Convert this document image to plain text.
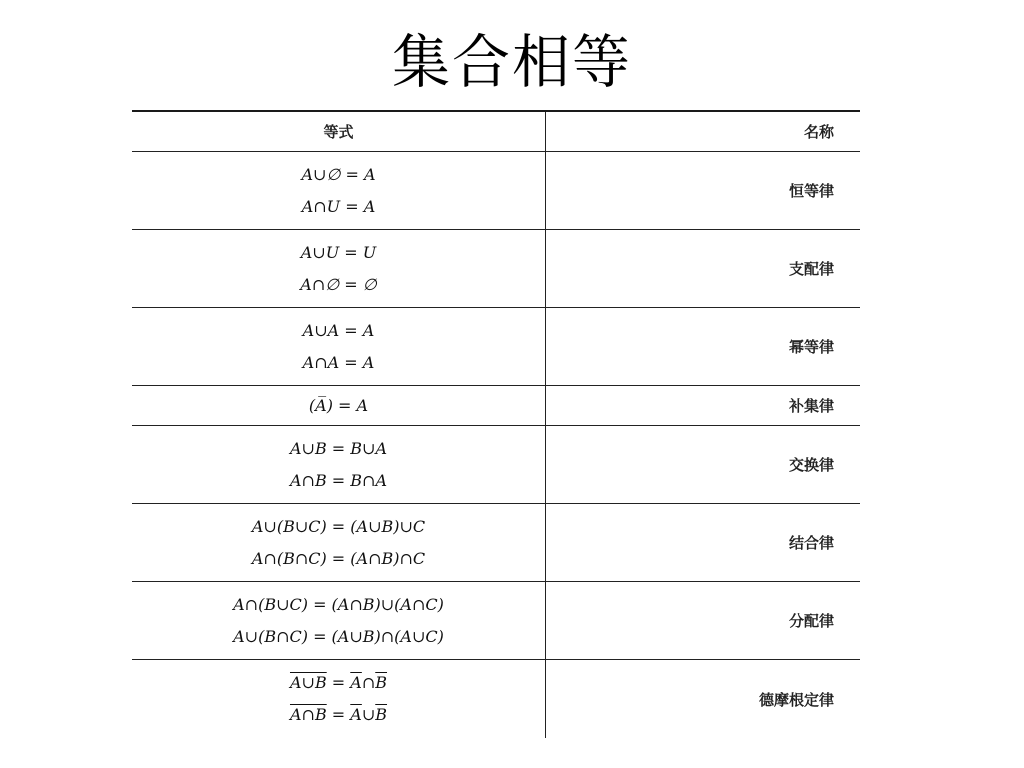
集合相等
等式	名称
A∪∅ = A
A∩U = A
恒等律
A∪U = U
A∩∅ = ∅
支配律
A∪A = A
A∩A = A
幂等律
(A̅) = A	补集律
A∪B = B∪A
A∩B = B∩A
交换律
A∪(B∪C) = (A∪B)∪C
A∩(B∩C) = (A∩B)∩C
结合律
A∩(B∪C) = (A∩B)∪(A∩C)
A∪(B∩C) = (A∪B)∩(A∪C)
分配律
A∪B = $\overline{A}\cap\overline{B}$
A∩B = $\overline{A}\cup\overline{B}$
德摩根定律
